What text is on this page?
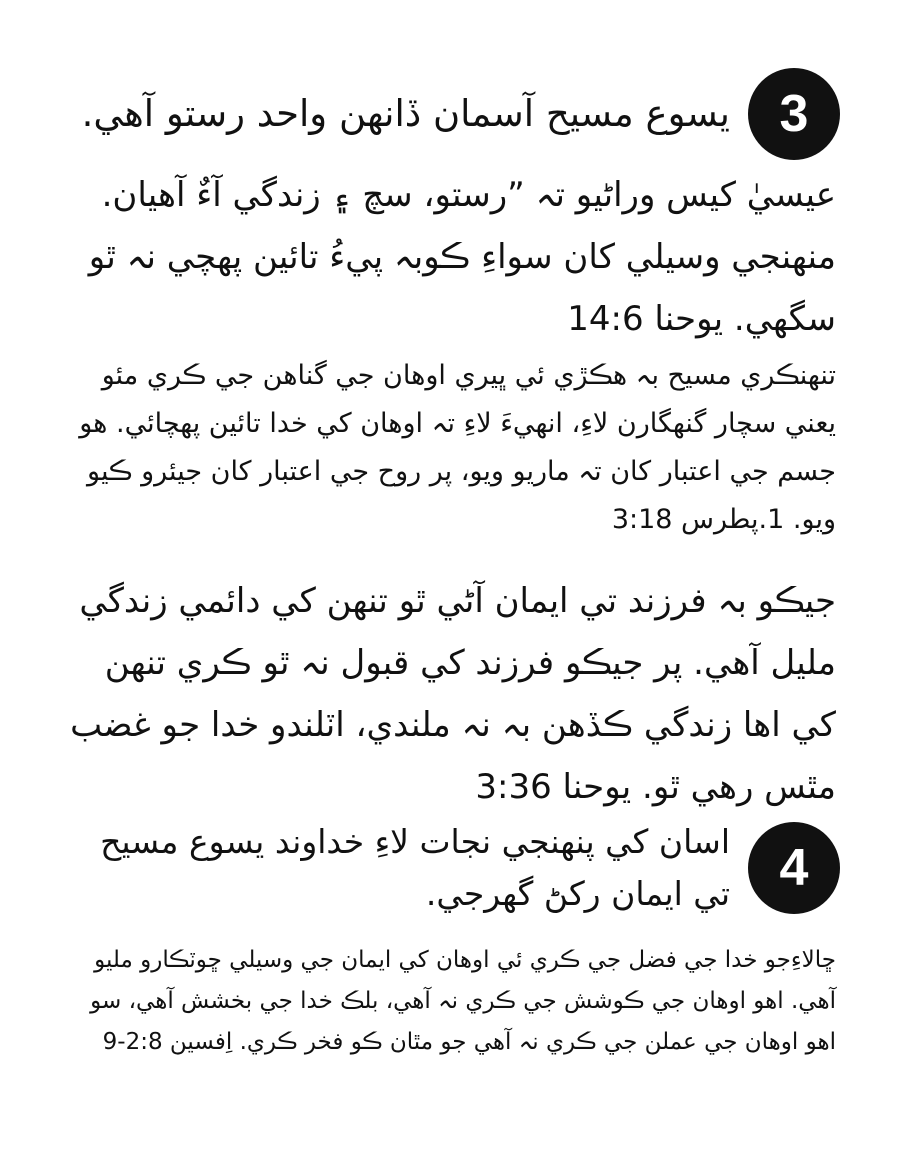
3
يسوع مسيح آسمان ڏانهن واحد رستو آهي.

عيسيٰ کيس وراڻيو تہ ”رستو، سچ ۽ زندگي آءٌ آهيان. منهنجي وسيلي کان سواءِ ڪوبہ پيءُ تائين پهچي نہ ٿو سگهي. يوحنا 14:6

تنهنڪري مسيح بہ هڪڙي ئي ڀيري اوهان جي گناهن جي ڪري مئو يعني سچار گنهگارن لاءِ، انهيءَ لاءِ تہ اوهان کي خدا تائين پهچائي. هو جسم جي اعتبار کان تہ ماريو ويو، پر روح جي اعتبار کان جيئرو ڪيو ويو. 1.پطرس 3:18

جيڪو بہ فرزند تي ايمان آڻي ٿو تنهن کي دائمي زندگي مليل آهي. پر جيڪو فرزند کي قبول نہ ٿو ڪري تنهن کي اها زندگي ڪڏهن بہ نہ ملندي، اٽلندو خدا جو غضب مٿس رهي ٿو. يوحنا 3:36

4
اسان کي پنهنجي نجات لاءِ خداوند يسوع مسيح تي ايمان رکڻ گهرجي.

ڇالاءِجو خدا جي فضل جي ڪري ئي اوهان کي ايمان جي وسيلي ڇوٽڪارو مليو آهي. اهو اوهان جي ڪوشش جي ڪري نہ آهي، بلڪ خدا جي بخشش آهي، سو اهو اوهان جي عملن جي ڪري نہ آهي جو مٿان ڪو فخر ڪري. اِفسين 2:8-9
